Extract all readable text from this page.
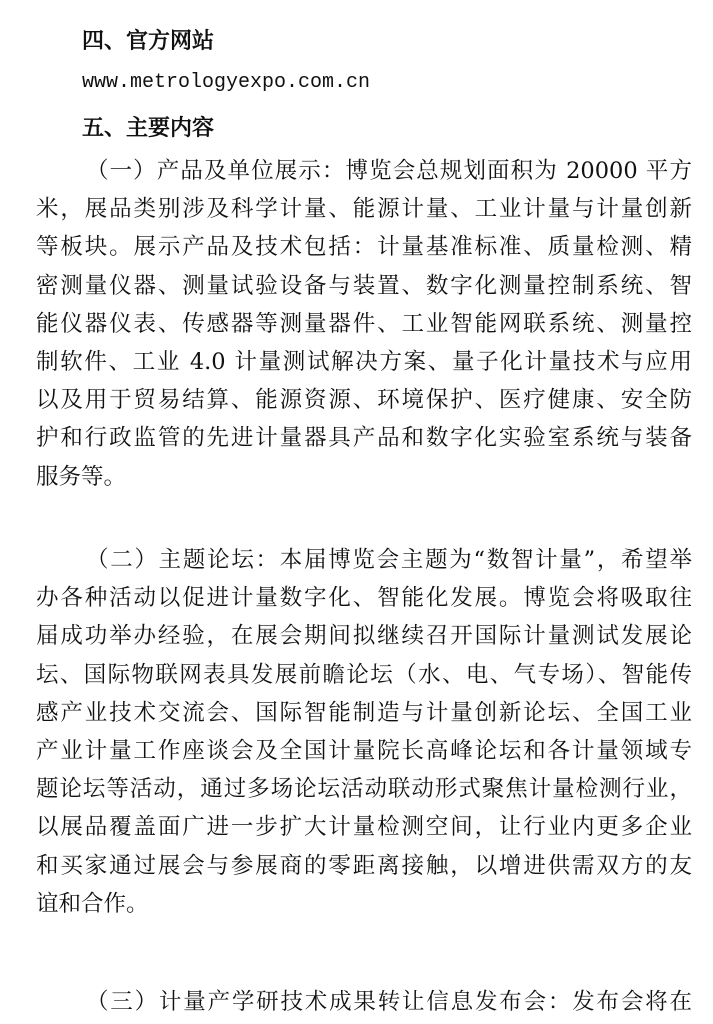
四、官方网站
www.metrologyexpo.com.cn
五、主要内容
（一）产品及单位展示：博览会总规划面积为 20000 平方
米，展品类别涉及科学计量、能源计量、工业计量与计量创新
等板块。展示产品及技术包括：计量基准标准、质量检测、精
密测量仪器、测量试验设备与装置、数字化测量控制系统、智
能仪器仪表、传感器等测量器件、工业智能网联系统、测量控
制软件、工业 4.0 计量测试解决方案、量子化计量技术与应用
以及用于贸易结算、能源资源、环境保护、医疗健康、安全防
护和行政监管的先进计量器具产品和数字化实验室系统与装备
服务等。
（二）主题论坛：本届博览会主题为“数智计量”，希望举
办各种活动以促进计量数字化、智能化发展。博览会将吸取往
届成功举办经验，在展会期间拟继续召开国际计量测试发展论
坛、国际物联网表具发展前瞻论坛（水、电、气专场）、智能传
感产业技术交流会、国际智能制造与计量创新论坛、全国工业
产业计量工作座谈会及全国计量院长高峰论坛和各计量领域专
题论坛等活动，通过多场论坛活动联动形式聚焦计量检测行业，
以展品覆盖面广进一步扩大计量检测空间，让行业内更多企业
和买家通过展会与参展商的零距离接触，以增进供需双方的友
谊和合作。
（三）计量产学研技术成果转让信息发布会：发布会将在
